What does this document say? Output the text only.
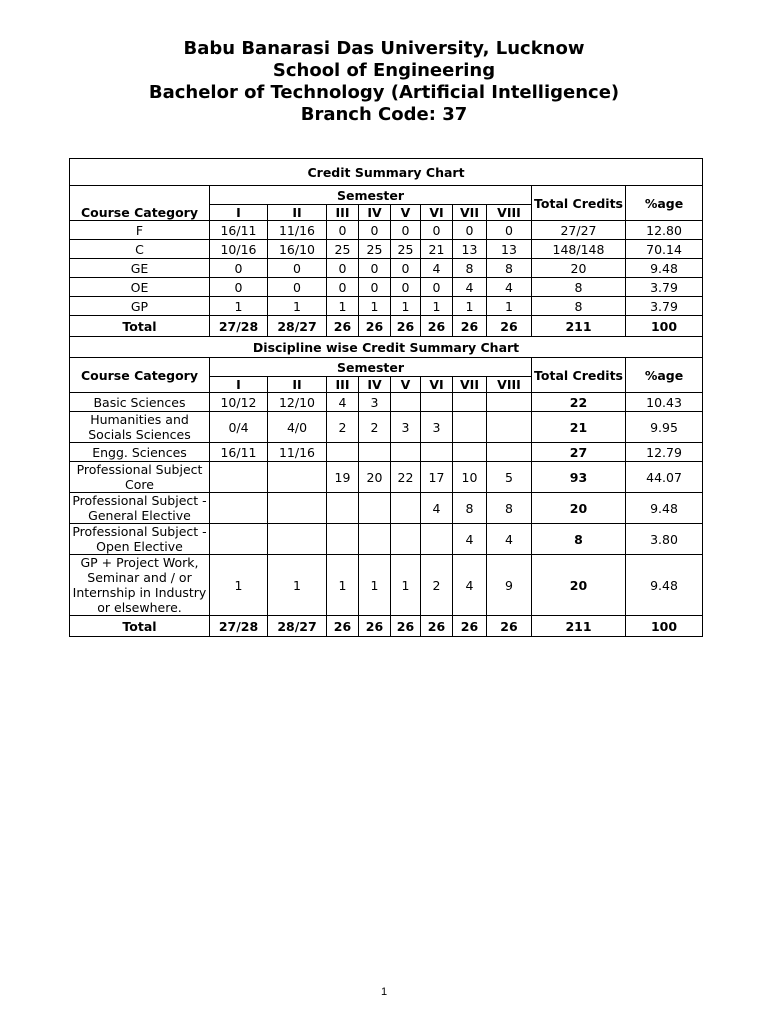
Babu Banarasi Das University, Lucknow
School of Engineering
Bachelor of Technology (Artificial Intelligence)
Branch Code: 37
Credit Summary Chart										
Course Category	Semester								Total Credits	%age
	I	II	III	IV	V	VI	VII	VIII		
F	16/11	11/16	0	0	0	0	0	0	27/27	12.80
C	10/16	16/10	25	25	25	21	13	13	148/148	70.14
GE	0	0	0	0	0	4	8	8	20	9.48
OE	0	0	0	0	0	0	4	4	8	3.79
GP	1	1	1	1	1	1	1	1	8	3.79
Total	27/28	28/27	26	26	26	26	26	26	211	100
Discipline wise Credit Summary Chart										
Course Category	Semester								Total Credits	%age
	I	II	III	IV	V	VI	VII	VIII		
Basic Sciences	10/12	12/10	4	3					22	10.43
Humanities and Socials Sciences	0/4	4/0	2	2	3	3			21	9.95
Engg. Sciences	16/11	11/16							27	12.79
Professional Subject Core			19	20	22	17	10	5	93	44.07
Professional Subject -General Elective						4	8	8	20	9.48
Professional Subject -Open Elective							4	4	8	3.80
GP + Project Work, Seminar and / or Internship in Industry or elsewhere.	1	1	1	1	1	2	4	9	20	9.48
Total	27/28	28/27	26	26	26	26	26	26	211	100
1
